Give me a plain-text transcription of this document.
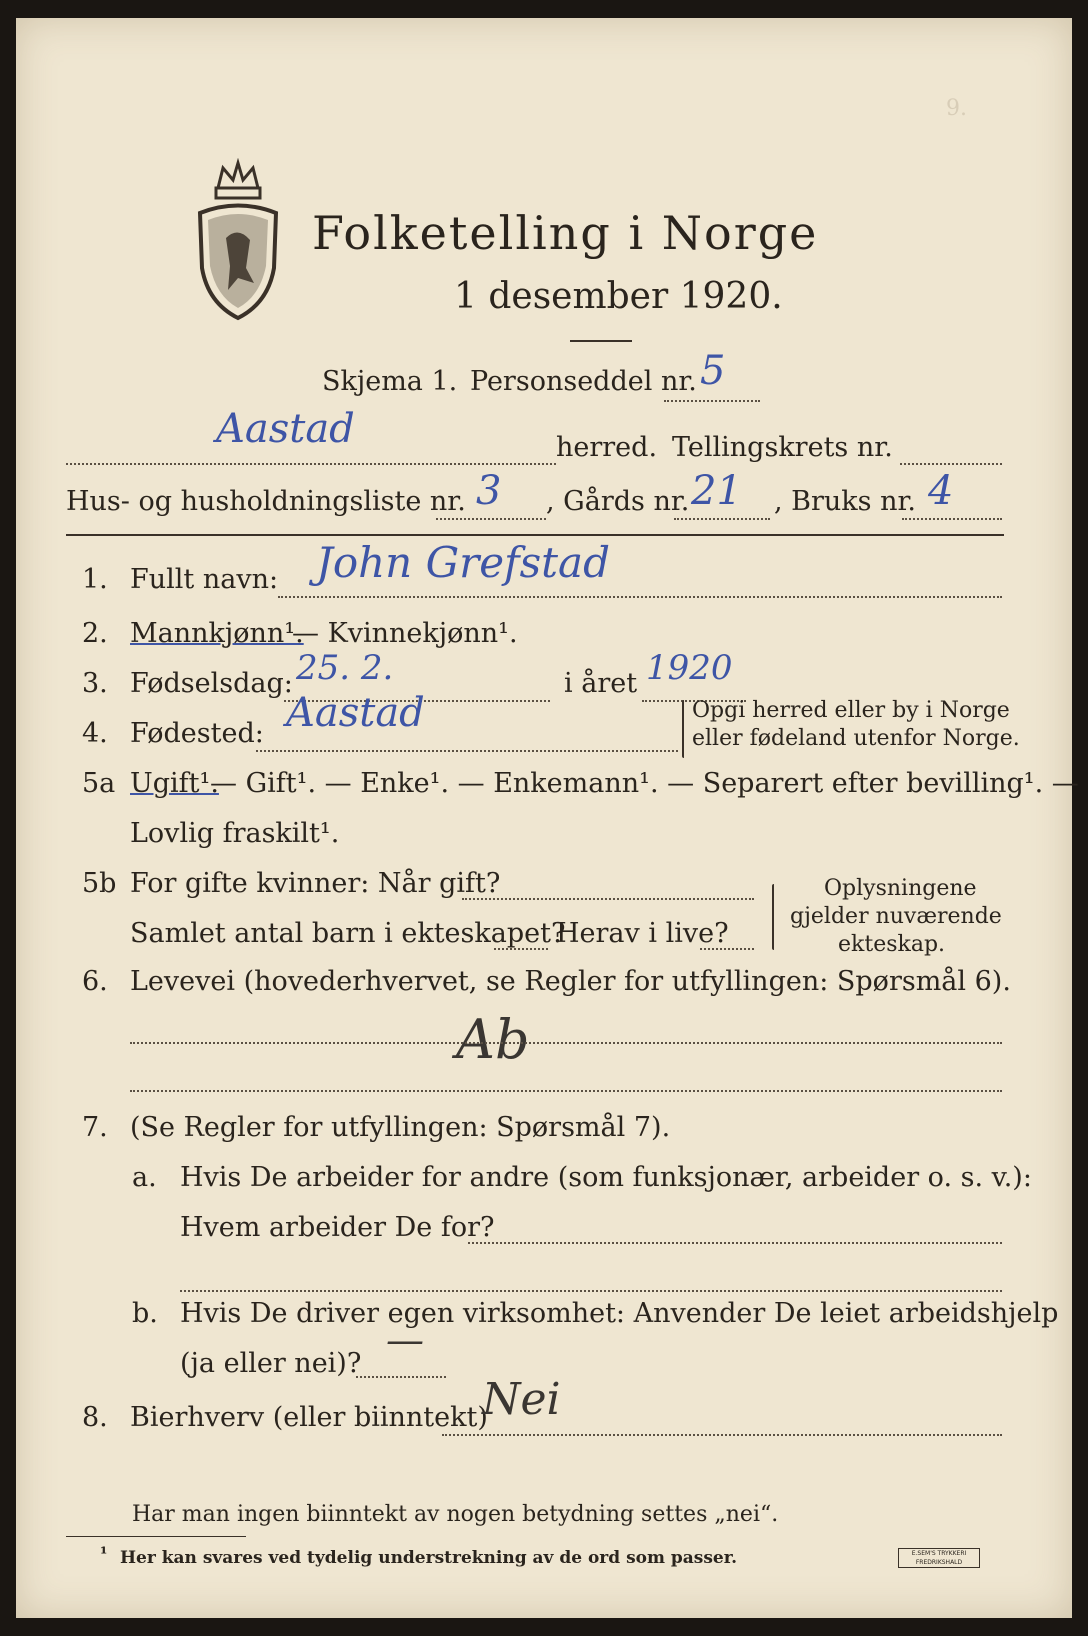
9.
Folketelling i Norge
1 desember 1920.
Skjema 1. Personseddel nr. 5
Aastad	herred. Tellingskrets nr.
Hus- og husholdningsliste nr. 3 , Gårds nr. 21 , Bruks nr. 4
1. Fullt navn: John Grefstad
2. Mannkjønn¹.
— Kvinnekjønn¹.
3. Fødselsdag: 25. 2.	i året 1920
4. Fødested: Aastad	Opgi herred eller by i Norge
eller fødeland utenfor Norge.
5a Ugift¹.
— Gift¹. — Enke¹. — Enkemann¹. — Separert efter bevilling¹. —
Lovlig fraskilt¹.
5b For gifte kvinner: Når gift?
Samlet antal barn i ekteskapet?
Herav i live?
Oplysningene
gjelder nuværende
ekteskap.
6. Levevei (hovederhvervet, se Regler for utfyllingen: Spørsmål 6).
Ab
7. (Se Regler for utfyllingen: Spørsmål 7).
a. Hvis De arbeider for andre (som funksjonær, arbeider o. s. v.):
Hvem arbeider De for?
b. Hvis De driver egen virksomhet: Anvender De leiet arbeidshjelp
(ja eller nei)?
—
8. Bierhverv (eller biinntekt)
Nei
Har man ingen biinntekt av nogen betydning settes „nei“.
¹ Her kan svares ved tydelig understrekning av de ord som passer.	E.SEM'S TRYKKERI FREDRIKSHALD
